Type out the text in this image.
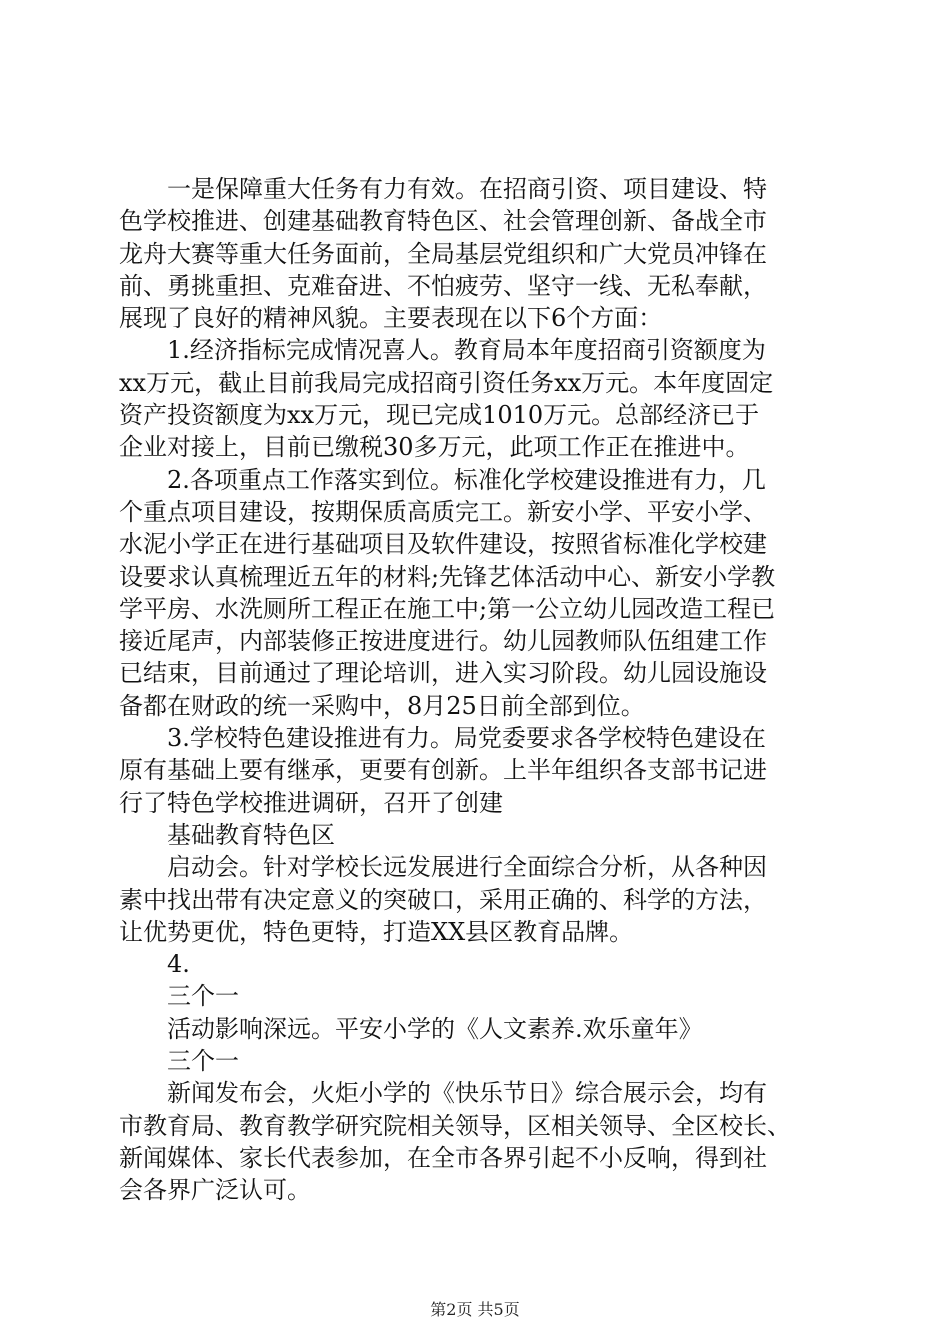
　　一是保障重大任务有力有效。在招商引资、项目建设、特
色学校推进、创建基础教育特色区、社会管理创新、备战全市
龙舟大赛等重大任务面前，全局基层党组织和广大党员冲锋在
前、勇挑重担、克难奋进、不怕疲劳、坚守一线、无私奉献，
展现了良好的精神风貌。主要表现在以下6个方面：
　　1.经济指标完成情况喜人。教育局本年度招商引资额度为
xx万元，截止目前我局完成招商引资任务xx万元。本年度固定
资产投资额度为xx万元，现已完成1010万元。总部经济已于
企业对接上，目前已缴税30多万元，此项工作正在推进中。
　　2.各项重点工作落实到位。标准化学校建设推进有力，几
个重点项目建设，按期保质高质完工。新安小学、平安小学、
水泥小学正在进行基础项目及软件建设，按照省标准化学校建
设要求认真梳理近五年的材料;先锋艺体活动中心、新安小学教
学平房、水洗厕所工程正在施工中;第一公立幼儿园改造工程已
接近尾声，内部装修正按进度进行。幼儿园教师队伍组建工作
已结束，目前通过了理论培训，进入实习阶段。幼儿园设施设
备都在财政的统一采购中，8月25日前全部到位。
　　3.学校特色建设推进有力。局党委要求各学校特色建设在
原有基础上要有继承，更要有创新。上半年组织各支部书记进
行了特色学校推进调研，召开了创建
　　基础教育特色区
　　启动会。针对学校长远发展进行全面综合分析，从各种因
素中找出带有决定意义的突破口，采用正确的、科学的方法，
让优势更优，特色更特，打造XX县区教育品牌。
　　4.
　　三个一
　　活动影响深远。平安小学的《人文素养.欢乐童年》
　　三个一
　　新闻发布会，火炬小学的《快乐节日》综合展示会，均有
市教育局、教育教学研究院相关领导，区相关领导、全区校长、
新闻媒体、家长代表参加，在全市各界引起不小反响，得到社
会各界广泛认可。
第2页 共5页
